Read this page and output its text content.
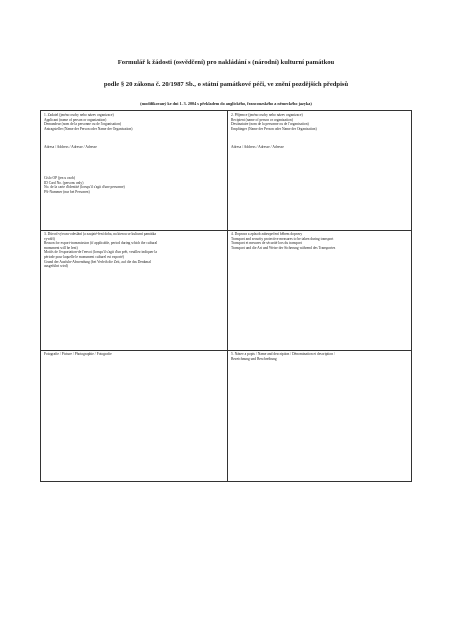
Formulář k žádosti (osvědčení) pro nakládání s (národní) kulturní památkou
podle § 20 zákona č. 20/1987 Sb., o státní památkové péči, ve znění pozdějších předpisů
(modifikovaný ke dni 1. 3. 2004 s překladem do anglického, francouzského a německého jazyka)
1. Žadatel (jméno osoby nebo název organizace)
Applicant (name of person or organization)
Demandeur (nom de la personne ou de l'organisation)
Antragsteller (Name der Person oder Name der Organisation)
Adresa / Address / Adresse / Adresse
Číslo OP (jen u osob)
ID Card No. (persons only)
No. de la carte d'identité (lorsqu'il s'agit d'une personne)
PA-Nummer (nur bei Personen)
2. Příjemce (jméno osoby nebo název organizace)
Recipient (name of person or organization)
Destinataire (nom de la personne ou de l'organisation)
Empfänger (Name der Person oder Name der Organisation)
Adresa / Address / Adresse / Adresse
3. Důvod vývozu-odeslání (a zaujaté-ření doba, na kterou se kulturní památka
vyváží)
Reason for export-transmission (if applicable, period during which the cultural
monument will be lent)
Motifs de l'exportation-de l'envoi (lorsqu'il s'agit d'un prêt, veuillez indiquer la
période pour laquelle le monument culturel est exporté)
Grund der Ausfuhr-Abwendung (bei Verleih die Zeit, auf die das Denkmal
ausgeführt wird)
4. Doprava a způsob zabezpečení během dopravy
Transport and security protective measures to be taken during transport
Transport et mesures de sécurité lors du transport
Transport und die Art und Weise der Sicherung während des Transportes
Fotografie / Picture / Photographie / Fotografie	5. Název a popis / Name and description / Dénomination et description /
Bezeichnung und Beschreibung
